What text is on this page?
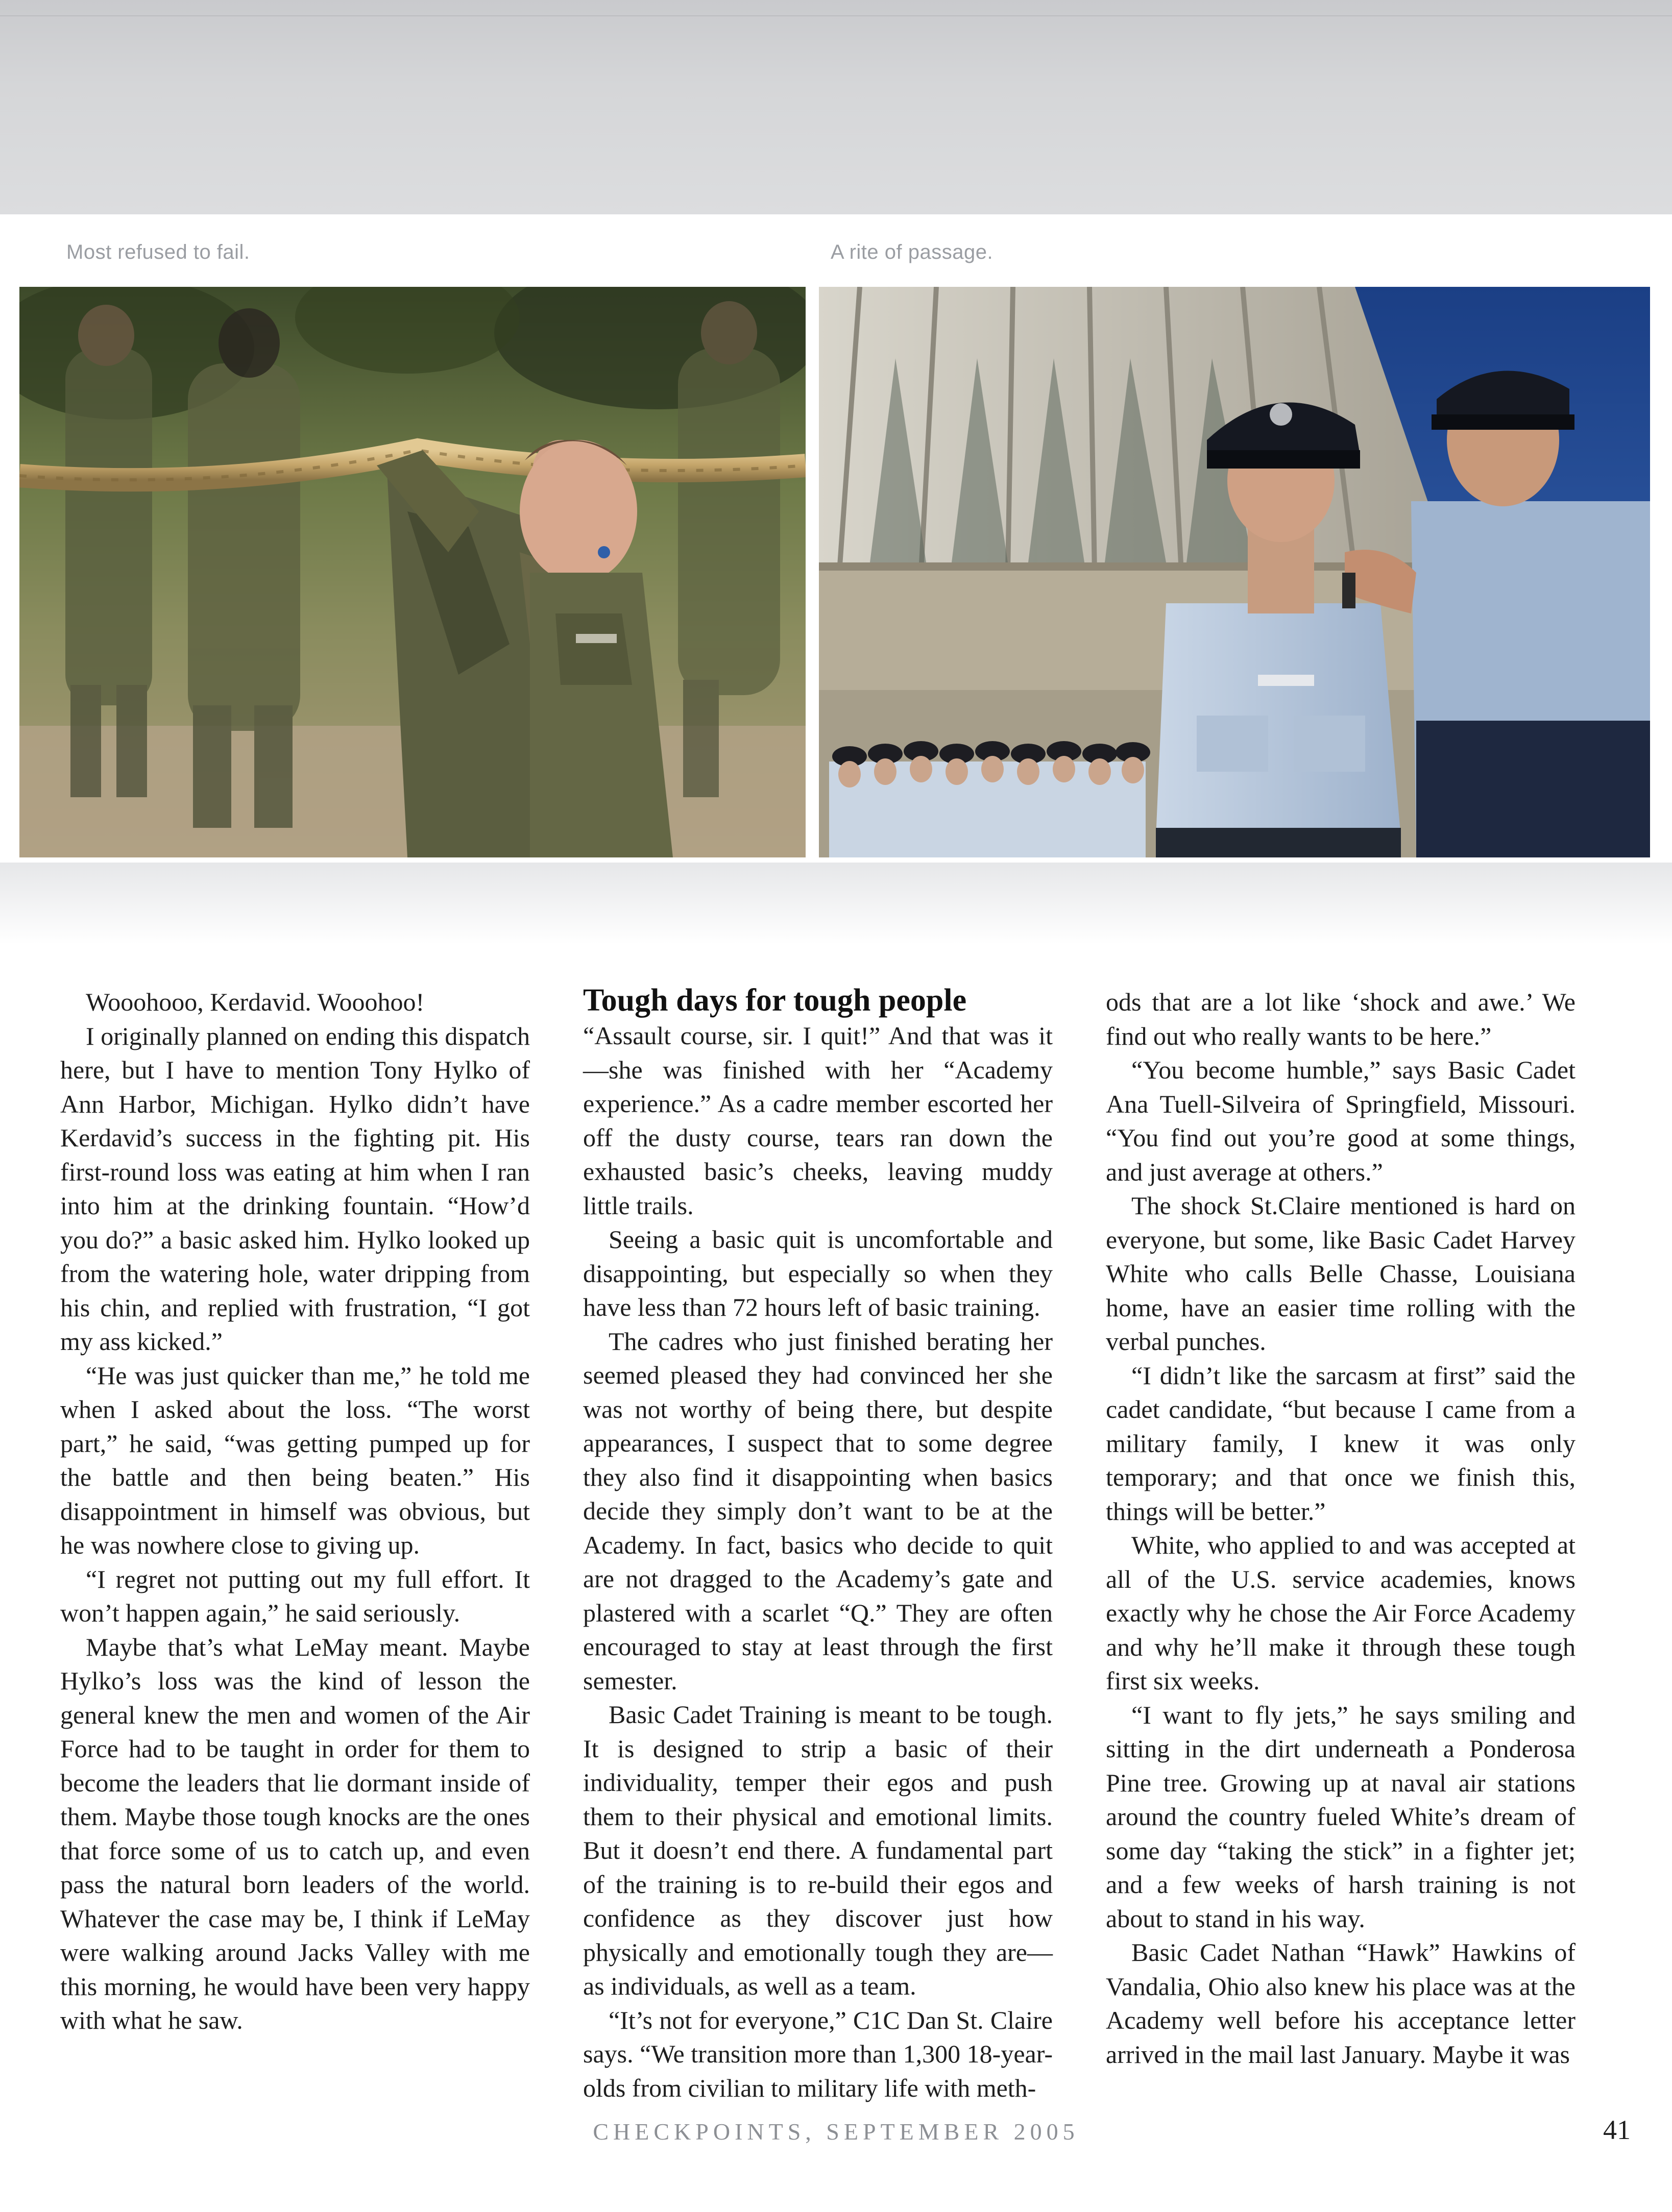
Most refused to fail.	A rite of passage.

Wooohooo, Kerdavid. Wooohoo!

I originally planned on ending this dispatch here, but I have to mention Tony Hylko of Ann Harbor, Michigan. Hylko didn’t have Kerdavid’s success in the fighting pit. His first-round loss was eating at him when I ran into him at the drinking fountain. “How’d you do?” a basic asked him. Hylko looked up from the watering hole, water dripping from his chin, and replied with frustration, “I got my ass kicked.”

“He was just quicker than me,” he told me when I asked about the loss. “The worst part,” he said, “was getting pumped up for the battle and then being beaten.” His disappointment in himself was obvious, but he was nowhere close to giving up.

“I regret not putting out my full effort. It won’t happen again,” he said seriously.

Maybe that’s what LeMay meant. Maybe Hylko’s loss was the kind of lesson the general knew the men and women of the Air Force had to be taught in order for them to become the leaders that lie dormant inside of them. Maybe those tough knocks are the ones that force some of us to catch up, and even pass the natural born leaders of the world. Whatever the case may be, I think if LeMay were walking around Jacks Valley with me this morning, he would have been very happy with what he saw.

Tough days for tough people

“Assault course, sir. I quit!” And that was it—she was finished with her “Academy experience.” As a cadre member escorted her off the dusty course, tears ran down the exhausted basic’s cheeks, leaving muddy little trails.

Seeing a basic quit is uncomfortable and disappointing, but especially so when they have less than 72 hours left of basic training.

The cadres who just finished berating her seemed pleased they had convinced her she was not worthy of being there, but despite appearances, I suspect that to some degree they also find it disappointing when basics decide they simply don’t want to be at the Academy. In fact, basics who decide to quit are not dragged to the Academy’s gate and plastered with a scarlet “Q.” They are often encouraged to stay at least through the first semester.

Basic Cadet Training is meant to be tough. It is designed to strip a basic of their individuality, temper their egos and push them to their physical and emotional limits. But it doesn’t end there. A fundamental part of the training is to re-build their egos and confidence as they discover just how physically and emotionally tough they are—as individuals, as well as a team.

“It’s not for everyone,” C1C Dan St. Claire says. “We transition more than 1,300 18-year-olds from civilian to military life with meth-

ods that are a lot like ‘shock and awe.’ We find out who really wants to be here.”

“You become humble,” says Basic Cadet Ana Tuell-Silveira of Springfield, Missouri. “You find out you’re good at some things, and just average at others.”

The shock St.Claire mentioned is hard on everyone, but some, like Basic Cadet Harvey White who calls Belle Chasse, Louisiana home, have an easier time rolling with the verbal punches.

“I didn’t like the sarcasm at first” said the cadet candidate, “but because I came from a military family, I knew it was only temporary; and that once we finish this, things will be better.”

White, who applied to and was accepted at all of the U.S. service academies, knows exactly why he chose the Air Force Academy and why he’ll make it through these tough first six weeks.

“I want to fly jets,” he says smiling and sitting in the dirt underneath a Ponderosa Pine tree. Growing up at naval air stations around the country fueled White’s dream of some day “taking the stick” in a fighter jet; and a few weeks of harsh training is not about to stand in his way.

Basic Cadet Nathan “Hawk” Hawkins of Vandalia, Ohio also knew his place was at the Academy well before his acceptance letter arrived in the mail last January. Maybe it was

CHECKPOINTS, SEPTEMBER 2005	41
